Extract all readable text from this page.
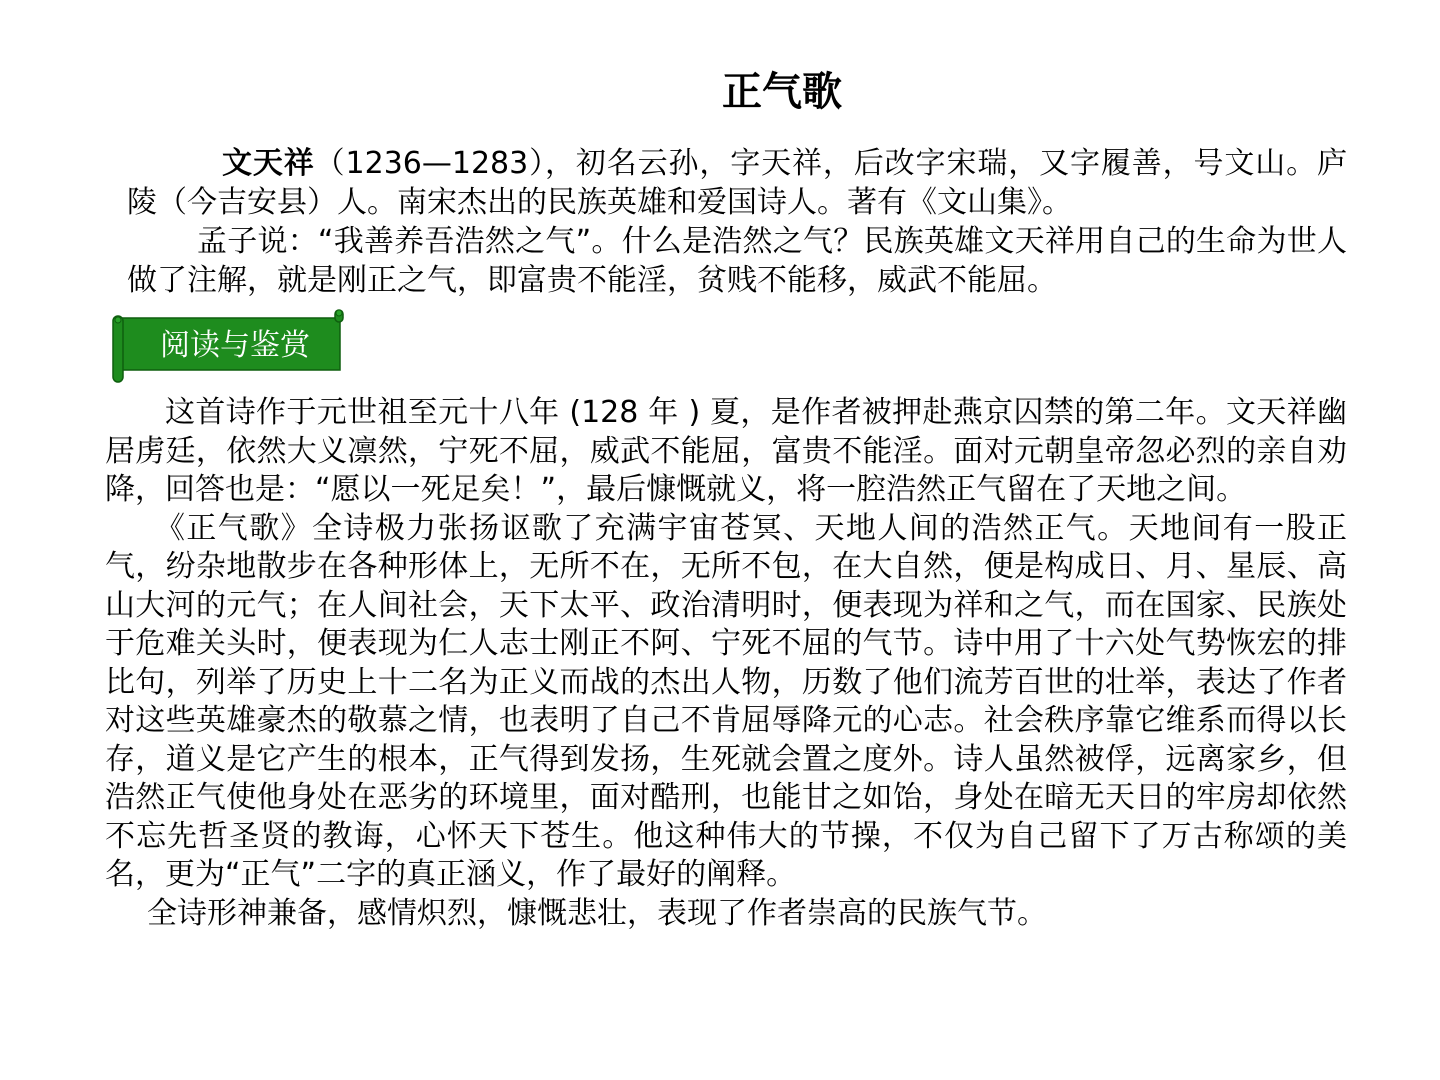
正气歌

文天祥（1236—1283），初名云孙，字天祥，后改字宋瑞，又字履善，号文山。庐陵（今吉安县）人。南宋杰出的民族英雄和爱国诗人。著有《文山集》。

孟子说：“我善养吾浩然之气”。什么是浩然之气？民族英雄文天祥用自己的生命为世人做了注解，就是刚正之气，即富贵不能淫，贫贱不能移，威武不能屈。

阅读与鉴赏

这首诗作于元世祖至元十八年 (128 年 ) 夏，是作者被押赴燕京囚禁的第二年。文天祥幽居虏廷，依然大义凛然，宁死不屈，威武不能屈，富贵不能淫。面对元朝皇帝忽必烈的亲自劝降，回答也是：“愿以一死足矣！”，最后慷慨就义，将一腔浩然正气留在了天地之间。

《正气歌》全诗极力张扬讴歌了充满宇宙苍冥、天地人间的浩然正气。天地间有一股正气，纷杂地散步在各种形体上，无所不在，无所不包，在大自然，便是构成日、月、星辰、高山大河的元气；在人间社会，天下太平、政治清明时，便表现为祥和之气，而在国家、民族处于危难关头时，便表现为仁人志士刚正不阿、宁死不屈的气节。诗中用了十六处气势恢宏的排比句，列举了历史上十二名为正义而战的杰出人物，历数了他们流芳百世的壮举，表达了作者对这些英雄豪杰的敬慕之情，也表明了自己不肯屈辱降元的心志。社会秩序靠它维系而得以长存，道义是它产生的根本，正气得到发扬，生死就会置之度外。诗人虽然被俘，远离家乡，但浩然正气使他身处在恶劣的环境里，面对酷刑，也能甘之如饴，身处在暗无天日的牢房却依然不忘先哲圣贤的教诲，心怀天下苍生。他这种伟大的节操，不仅为自己留下了万古称颂的美名，更为“正气”二字的真正涵义，作了最好的阐释。

全诗形神兼备，感情炽烈，慷慨悲壮，表现了作者崇高的民族气节。
